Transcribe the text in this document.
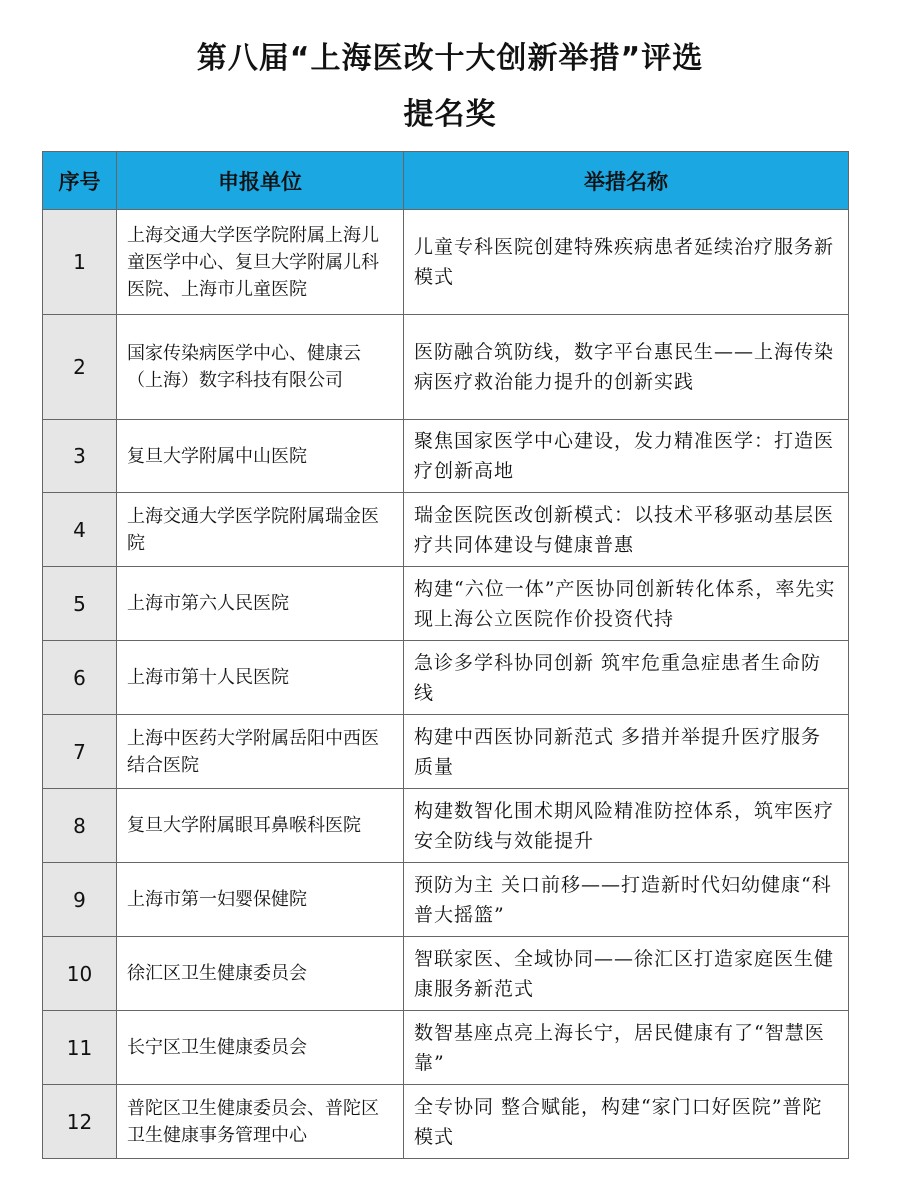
第八届“上海医改十大创新举措”评选
提名奖
序号	申报单位	举措名称
1	上海交通大学医学院附属上海儿童医学中心、复旦大学附属儿科医院、上海市儿童医院	儿童专科医院创建特殊疾病患者延续治疗服务新模式
2	国家传染病医学中心、健康云（上海）数字科技有限公司	医防融合筑防线，数字平台惠民生——上海传染病医疗救治能力提升的创新实践
3	复旦大学附属中山医院	聚焦国家医学中心建设，发力精准医学：打造医疗创新高地
4	上海交通大学医学院附属瑞金医院	瑞金医院医改创新模式：以技术平移驱动基层医疗共同体建设与健康普惠
5	上海市第六人民医院	构建“六位一体”产医协同创新转化体系，率先实现上海公立医院作价投资代持
6	上海市第十人民医院	急诊多学科协同创新 筑牢危重急症患者生命防线
7	上海中医药大学附属岳阳中西医结合医院	构建中西医协同新范式 多措并举提升医疗服务质量
8	复旦大学附属眼耳鼻喉科医院	构建数智化围术期风险精准防控体系，筑牢医疗安全防线与效能提升
9	上海市第一妇婴保健院	预防为主 关口前移——打造新时代妇幼健康“科普大摇篮”
10	徐汇区卫生健康委员会	智联家医、全域协同——徐汇区打造家庭医生健康服务新范式
11	长宁区卫生健康委员会	数智基座点亮上海长宁，居民健康有了“智慧医靠”
12	普陀区卫生健康委员会、普陀区卫生健康事务管理中心	全专协同 整合赋能，构建“家门口好医院”普陀模式
